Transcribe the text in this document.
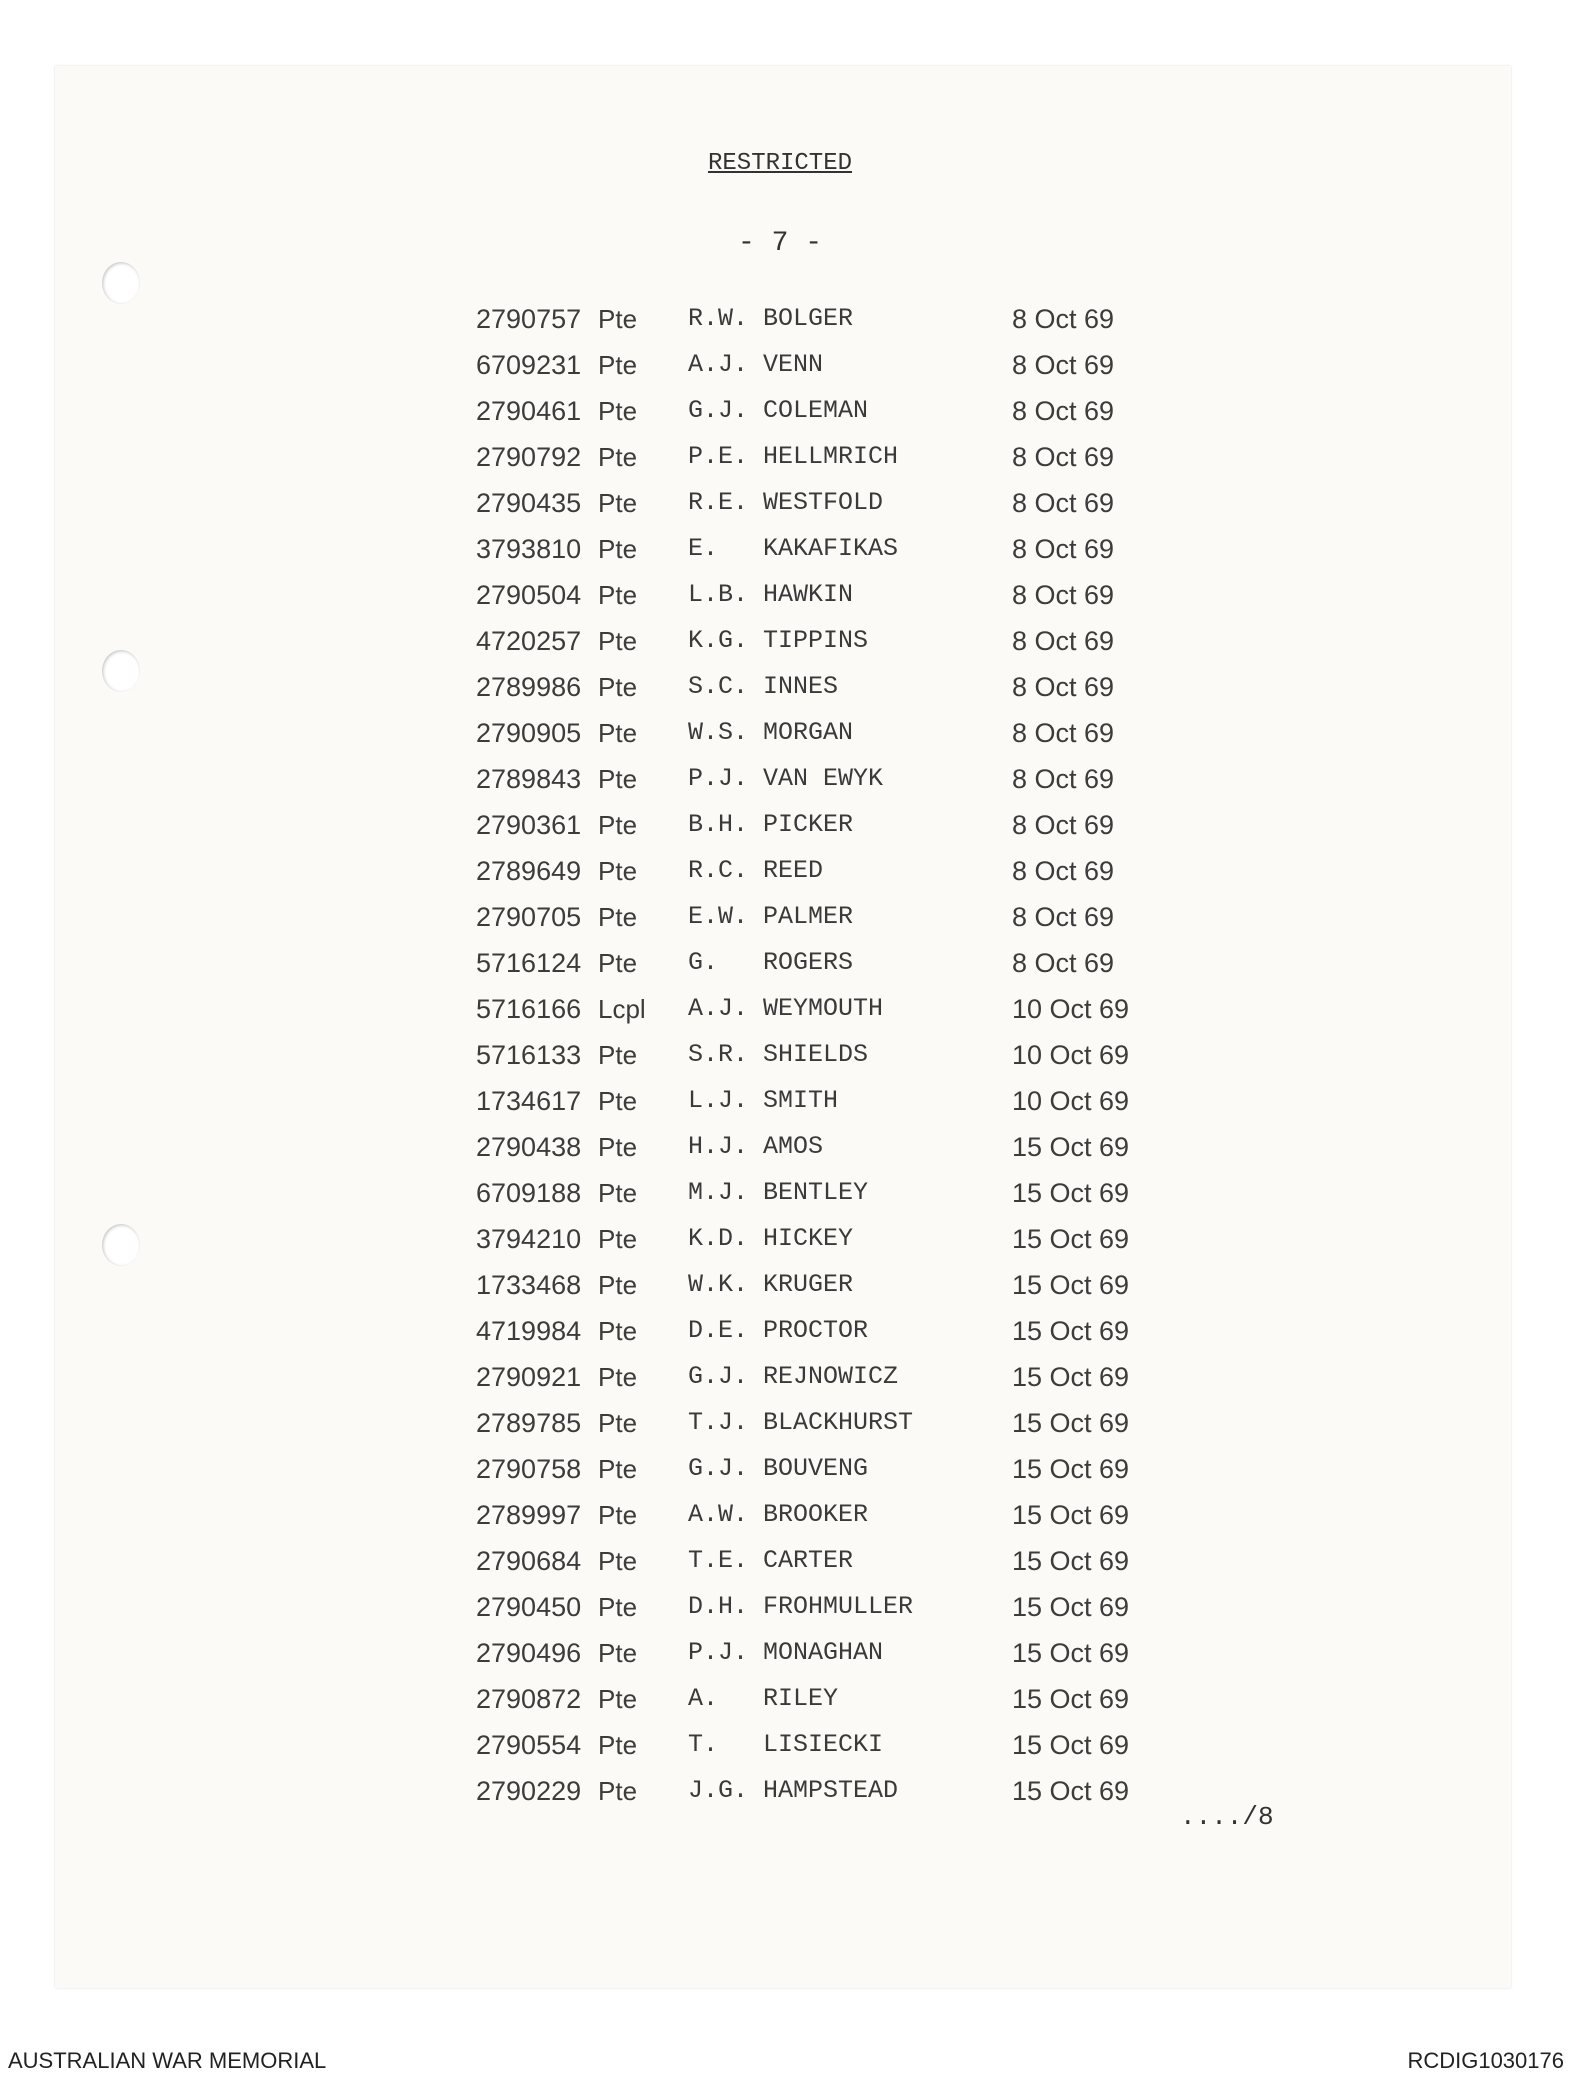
RESTRICTED
- 7 -
2790757 Pte R.W. BOLGER	8 Oct 69
6709231 Pte A.J. VENN	8 Oct 69
2790461 Pte G.J. COLEMAN	8 Oct 69
2790792 Pte P.E. HELLMRICH	8 Oct 69
2790435 Pte R.E. WESTFOLD	8 Oct 69
3793810 Pte E. KAKAFIKAS	8 Oct 69
2790504 Pte L.B. HAWKIN	8 Oct 69
4720257 Pte K.G. TIPPINS	8 Oct 69
2789986 Pte S.C. INNES	8 Oct 69
2790905 Pte W.S. MORGAN	8 Oct 69
2789843 Pte P.J. VAN EWYK	8 Oct 69
2790361 Pte B.H. PICKER	8 Oct 69
2789649 Pte R.C. REED	8 Oct 69
2790705 Pte E.W. PALMER	8 Oct 69
5716124 Pte G. ROGERS	8 Oct 69
5716166 Lcpl A.J. WEYMOUTH	10 Oct 69
5716133 Pte S.R. SHIELDS	10 Oct 69
1734617 Pte L.J. SMITH	10 Oct 69
2790438 Pte H.J. AMOS	15 Oct 69
6709188 Pte M.J. BENTLEY	15 Oct 69
3794210 Pte K.D. HICKEY	15 Oct 69
1733468 Pte W.K. KRUGER	15 Oct 69
4719984 Pte D.E. PROCTOR	15 Oct 69
2790921 Pte G.J. REJNOWICZ	15 Oct 69
2789785 Pte T.J. BLACKHURST	15 Oct 69
2790758 Pte G.J. BOUVENG	15 Oct 69
2789997 Pte A.W. BROOKER	15 Oct 69
2790684 Pte T.E. CARTER	15 Oct 69
2790450 Pte D.H. FROHMULLER	15 Oct 69
2790496 Pte P.J. MONAGHAN	15 Oct 69
2790872 Pte A. RILEY	15 Oct 69
2790554 Pte T. LISIECKI	15 Oct 69
2790229 Pte J.G. HAMPSTEAD	15 Oct 69
..../8
AUSTRALIAN WAR MEMORIAL	RCDIG1030176
